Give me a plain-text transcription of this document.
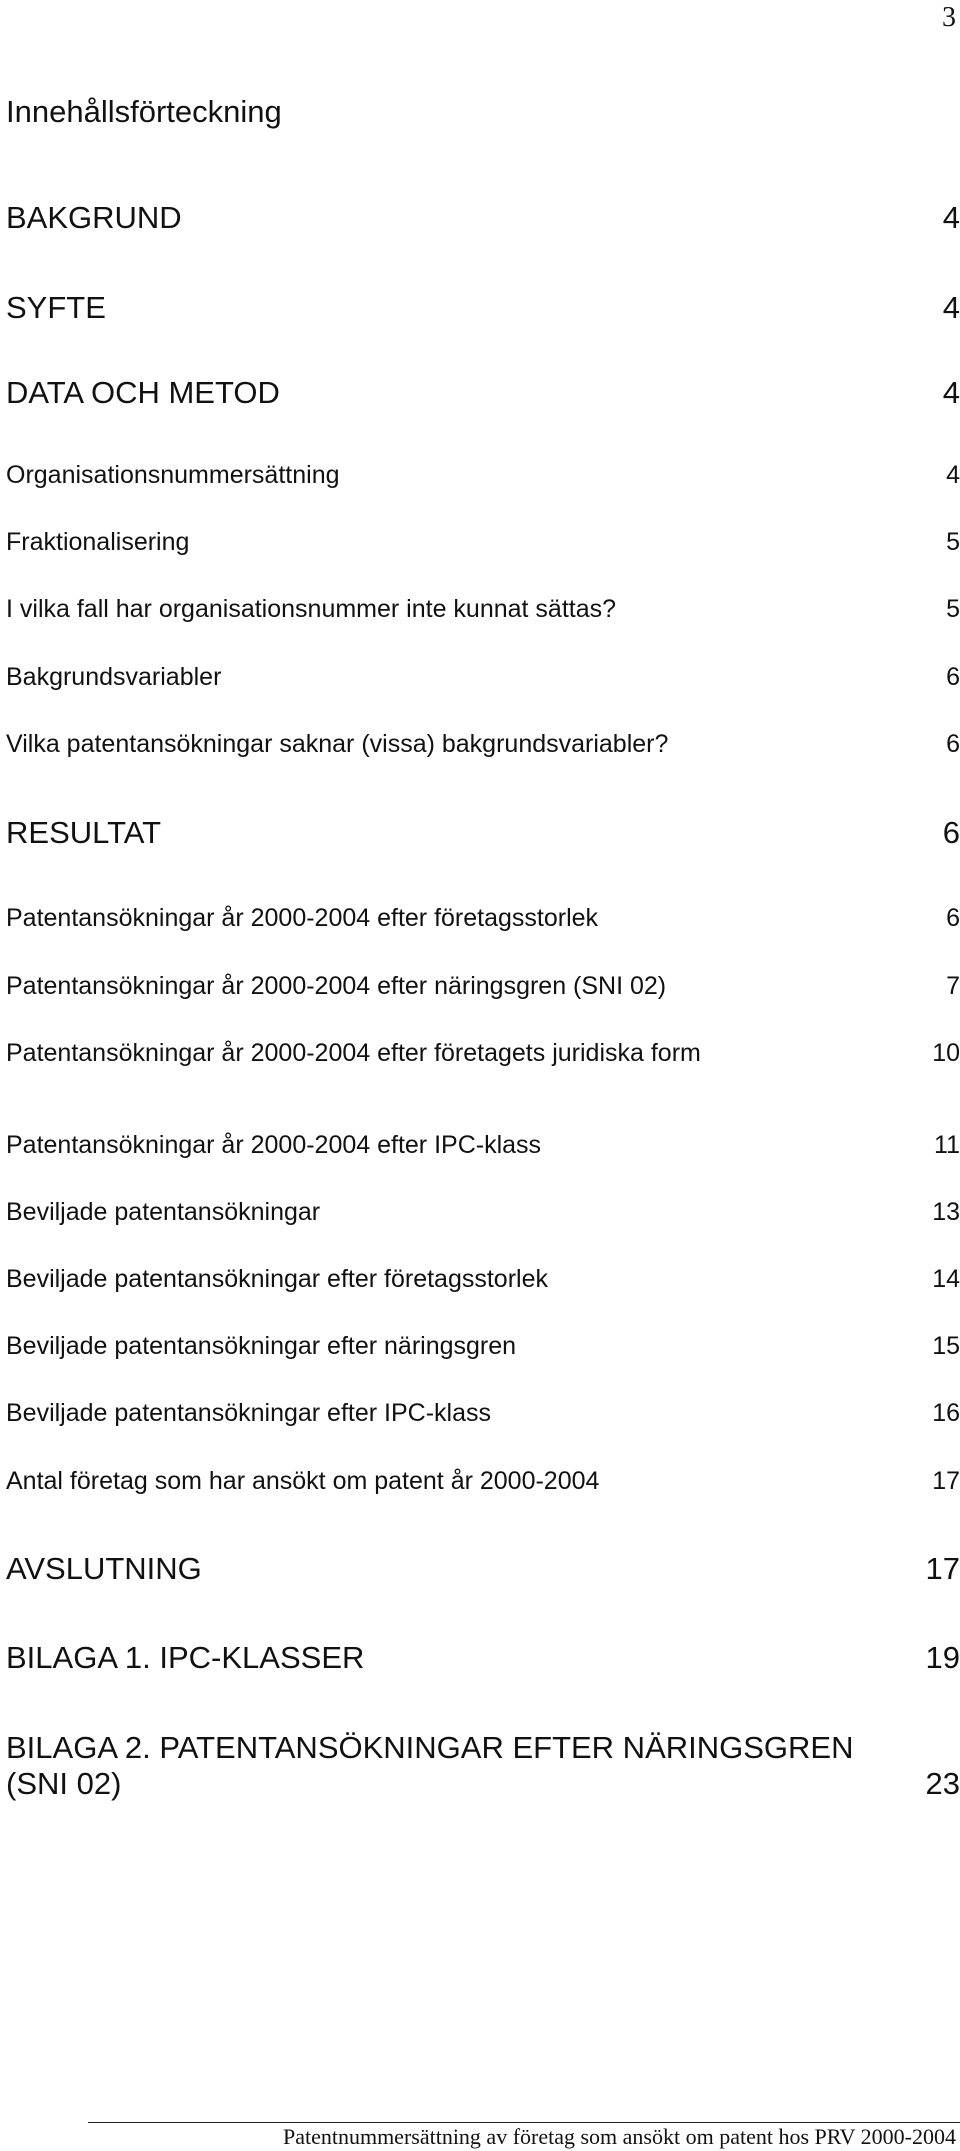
3
Innehållsförteckning
BAKGRUND	4
SYFTE	4
DATA OCH METOD	4
Organisationsnummersättning	4
Fraktionalisering	5
I vilka fall har organisationsnummer inte kunnat sättas?	5
Bakgrundsvariabler	6
Vilka patentansökningar saknar (vissa) bakgrundsvariabler?	6
RESULTAT	6
Patentansökningar år 2000-2004 efter företagsstorlek	6
Patentansökningar år 2000-2004 efter näringsgren (SNI 02)	7
Patentansökningar år 2000-2004 efter företagets juridiska form	10
Patentansökningar år 2000-2004 efter IPC-klass	11
Beviljade patentansökningar	13
Beviljade patentansökningar efter företagsstorlek	14
Beviljade patentansökningar efter näringsgren	15
Beviljade patentansökningar efter IPC-klass	16
Antal företag som har ansökt om patent år 2000-2004	17
AVSLUTNING	17
BILAGA 1. IPC-KLASSER	19
BILAGA 2. PATENTANSÖKNINGAR EFTER NÄRINGSGREN (SNI 02)	23
Patentnummersättning av företag som ansökt om patent hos PRV 2000-2004
